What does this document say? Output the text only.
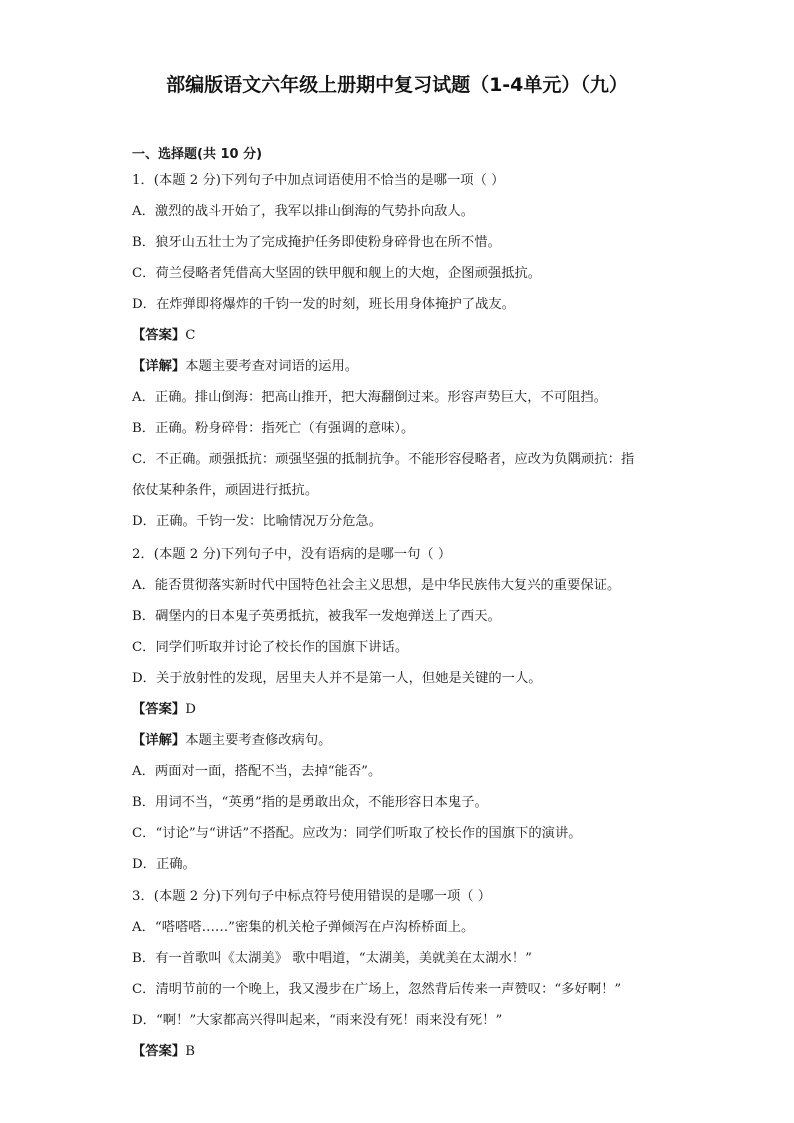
部编版语文六年级上册期中复习试题（1-4单元）（九）
一、选择题(共 10 分)
1．(本题 2 分)下列句子中加点词语使用不恰当的是哪一项（ ）
A．激烈的战斗开始了，我军以排山倒海的气势扑向敌人。
B．狼牙山五壮士为了完成掩护任务即使粉身碎骨也在所不惜。
C．荷兰侵略者凭借高大坚固的铁甲舰和舰上的大炮，企图顽强抵抗。
D．在炸弹即将爆炸的千钧一发的时刻，班长用身体掩护了战友。
【答案】C
【详解】本题主要考查对词语的运用。
A．正确。排山倒海：把高山推开，把大海翻倒过来。形容声势巨大，不可阻挡。
B．正确。粉身碎骨：指死亡（有强调的意味）。
C．不正确。顽强抵抗：顽强坚强的抵制抗争。不能形容侵略者，应改为负隅顽抗：指
依仗某种条件，顽固进行抵抗。
D．正确。千钧一发：比喻情况万分危急。
2．(本题 2 分)下列句子中，没有语病的是哪一句（ ）
A．能否贯彻落实新时代中国特色社会主义思想，是中华民族伟大复兴的重要保证。
B．碉堡内的日本鬼子英勇抵抗，被我军一发炮弹送上了西天。
C．同学们听取并讨论了校长作的国旗下讲话。
D．关于放射性的发现，居里夫人并不是第一人，但她是关键的一人。
【答案】D
【详解】本题主要考查修改病句。
A．两面对一面，搭配不当，去掉“能否”。
B．用词不当，“英勇”指的是勇敢出众，不能形容日本鬼子。
C．“讨论”与“讲话”不搭配。应改为：同学们听取了校长作的国旗下的演讲。
D．正确。
3．(本题 2 分)下列句子中标点符号使用错误的是哪一项（ ）
A．“嗒嗒嗒……”密集的机关枪子弹倾泻在卢沟桥桥面上。
B．有一首歌叫《太湖美》 歌中唱道，“太湖美，美就美在太湖水！”
C．清明节前的一个晚上，我又漫步在广场上，忽然背后传来一声赞叹：“多好啊！”
D．“啊！”大家都高兴得叫起来，“雨来没有死！雨来没有死！”
【答案】B
